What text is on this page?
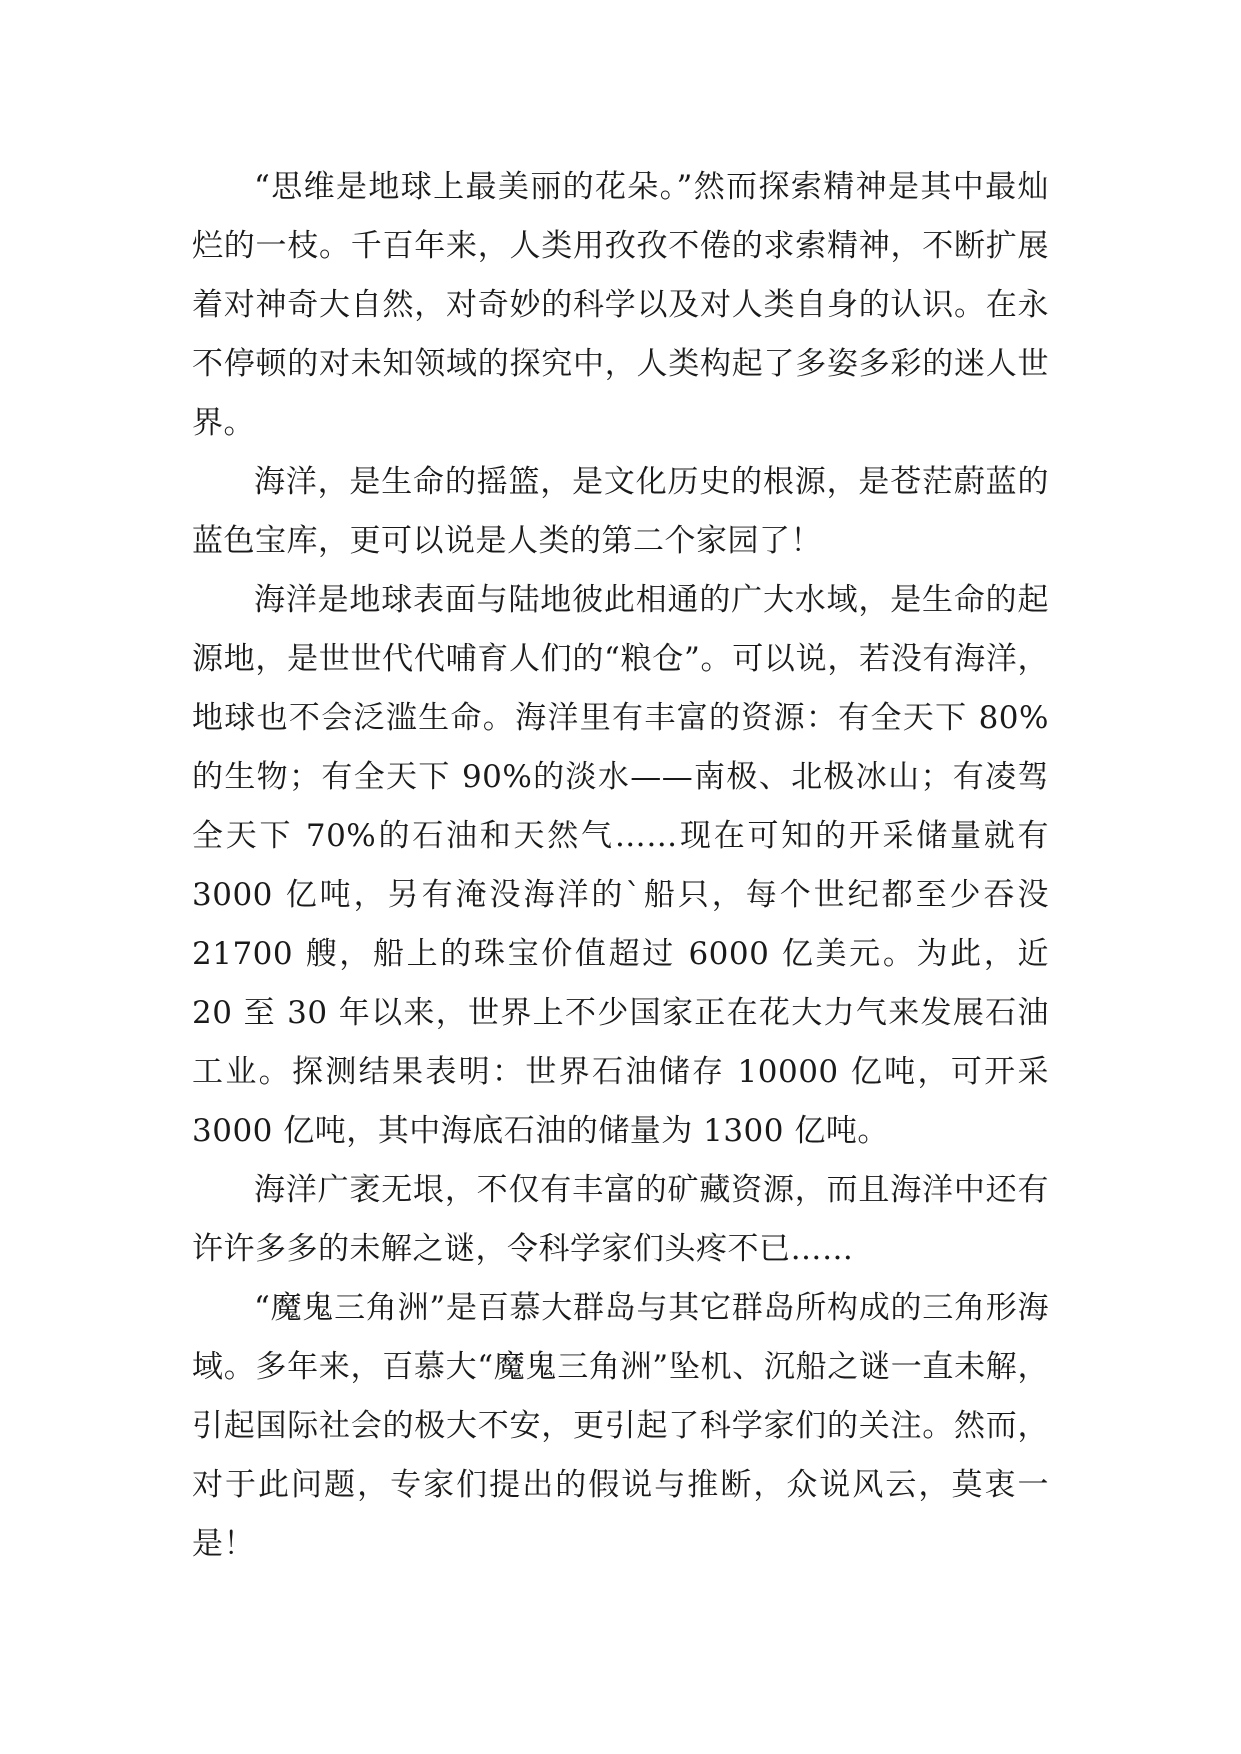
“思维是地球上最美丽的花朵。”然而探索精神是其中最灿烂的一枝。千百年来，人类用孜孜不倦的求索精神，不断扩展着对神奇大自然，对奇妙的科学以及对人类自身的认识。在永不停顿的对未知领域的探究中，人类构起了多姿多彩的迷人世界。

海洋，是生命的摇篮，是文化历史的根源，是苍茫蔚蓝的蓝色宝库，更可以说是人类的第二个家园了！

海洋是地球表面与陆地彼此相通的广大水域，是生命的起源地，是世世代代哺育人们的“粮仓”。可以说，若没有海洋，地球也不会泛滥生命。海洋里有丰富的资源：有全天下 80%的生物；有全天下 90%的淡水——南极、北极冰山；有凌驾全天下 70%的石油和天然气……现在可知的开采储量就有 3000 亿吨，另有淹没海洋的`船只，每个世纪都至少吞没 21700 艘，船上的珠宝价值超过 6000 亿美元。为此，近 20 至 30 年以来，世界上不少国家正在花大力气来发展石油工业。探测结果表明：世界石油储存 10000 亿吨，可开采 3000 亿吨，其中海底石油的储量为 1300 亿吨。

海洋广袤无垠，不仅有丰富的矿藏资源，而且海洋中还有许许多多的未解之谜，令科学家们头疼不已……

“魔鬼三角洲”是百慕大群岛与其它群岛所构成的三角形海域。多年来，百慕大“魔鬼三角洲”坠机、沉船之谜一直未解，引起国际社会的极大不安，更引起了科学家们的关注。然而，对于此问题，专家们提出的假说与推断，众说风云，莫衷一是！
